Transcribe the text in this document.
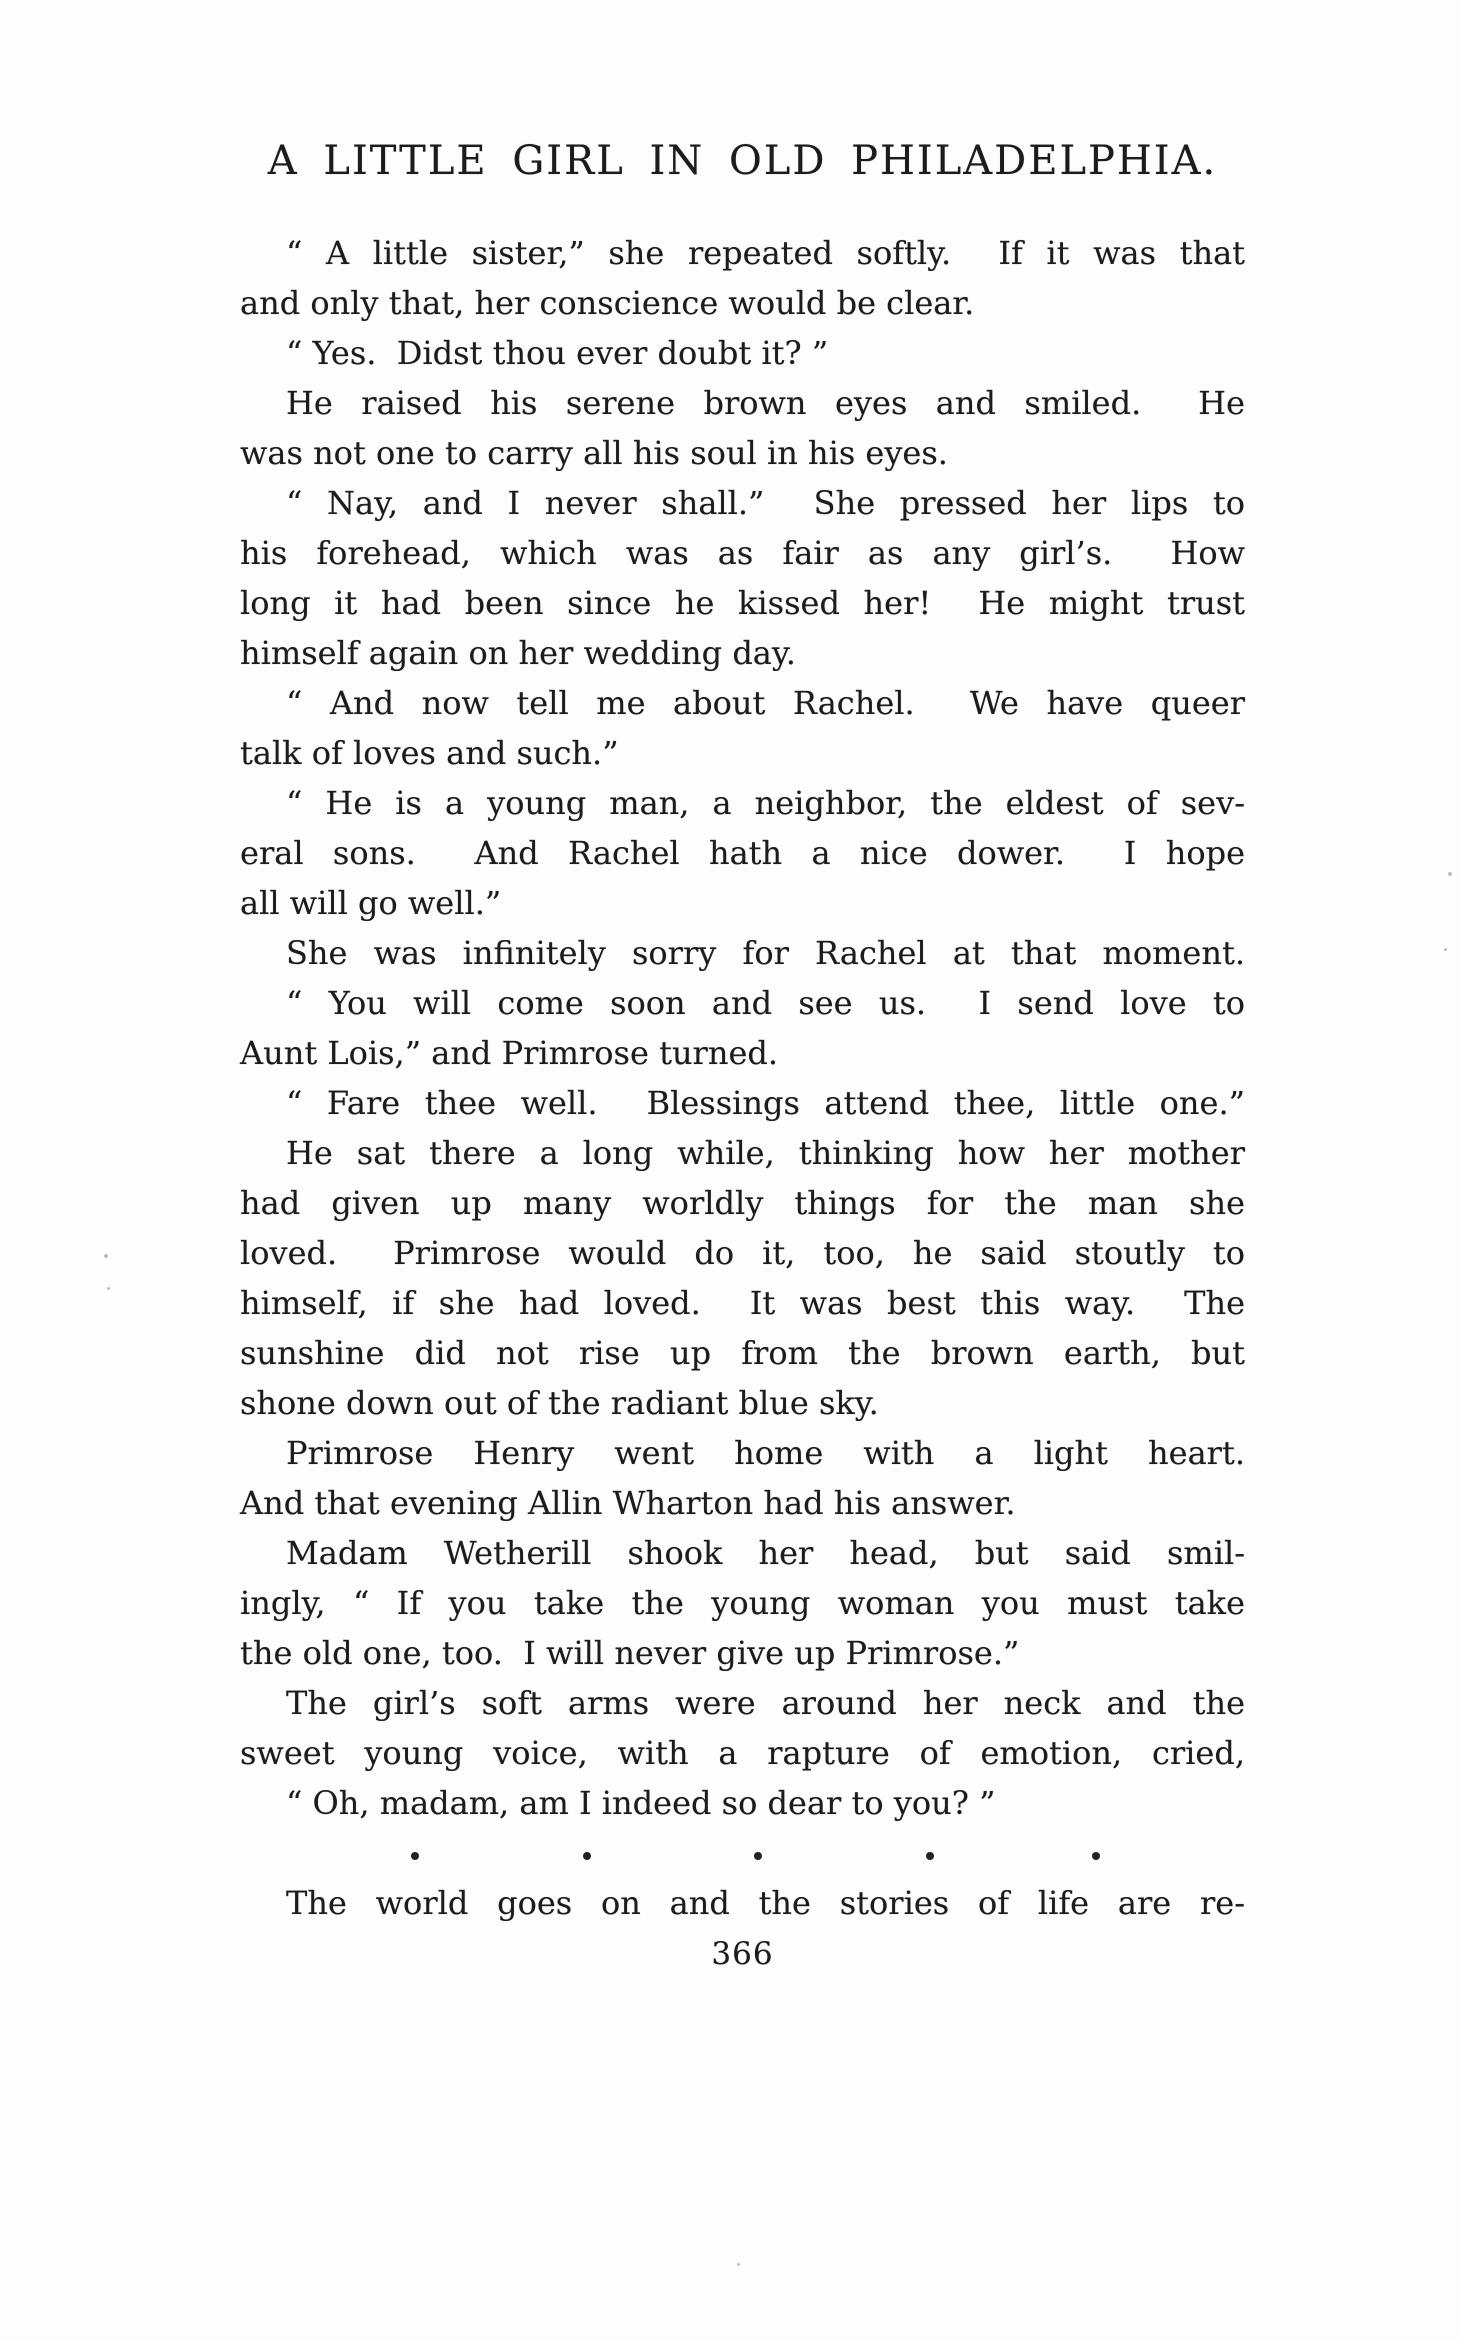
A LITTLE GIRL IN OLD PHILADELPHIA.
“ A little sister,” she repeated softly.  If it was that
and only that, her conscience would be clear.
“ Yes.  Didst thou ever doubt it? ”
He raised his serene brown eyes and smiled.  He
was not one to carry all his soul in his eyes.
“ Nay, and I never shall.”  She pressed her lips to
his forehead, which was as fair as any girl’s.  How
long it had been since he kissed her!  He might trust
himself again on her wedding day.
“ And now tell me about Rachel.  We have queer
talk of loves and such.”
“ He is a young man, a neighbor, the eldest of sev-
eral sons.  And Rachel hath a nice dower.  I hope
all will go well.”
She was infinitely sorry for Rachel at that moment.
“ You will come soon and see us.  I send love to
Aunt Lois,” and Primrose turned.
“ Fare thee well.  Blessings attend thee, little one.”
He sat there a long while, thinking how her mother
had given up many worldly things for the man she
loved.  Primrose would do it, too, he said stoutly to
himself, if she had loved.  It was best this way.  The
sunshine did not rise up from the brown earth, but
shone down out of the radiant blue sky.
Primrose Henry went home with a light heart.
And that evening Allin Wharton had his answer.
Madam Wetherill shook her head, but said smil-
ingly, “ If you take the young woman you must take
the old one, too.  I will never give up Primrose.”
The girl’s soft arms were around her neck and the
sweet young voice, with a rapture of emotion, cried,
“ Oh, madam, am I indeed so dear to you? ”
The world goes on and the stories of life are re-
366
